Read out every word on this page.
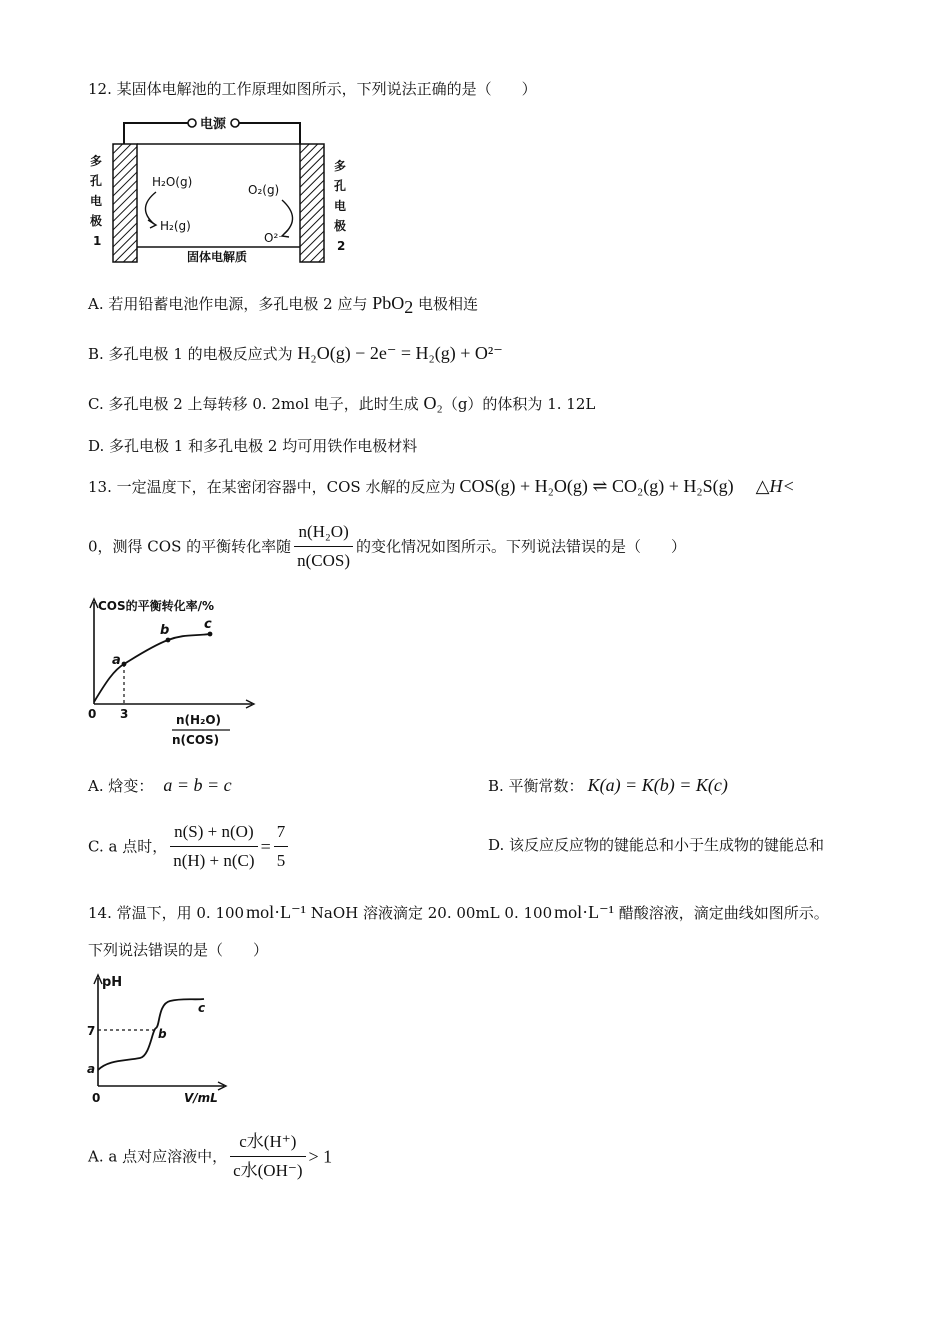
12. 某固体电解池的工作原理如图所示，下列说法正确的是（　　）
电源
固体电解质
多
孔
电
极
1
多
孔
电
极
2
H₂O(g)
H₂(g)
O₂(g)
O²⁻
A. 若用铅蓄电池作电源，多孔电极 2 应与 PbO$_2$ 电极相连
B. 多孔电极 1 的电极反应式为 H₂O(g) − 2e⁻ = H₂(g) + O²⁻
C. 多孔电极 2 上每转移 0. 2mol 电子，此时生成 O₂（g）的体积为 1. 12L
D. 多孔电极 1 和多孔电极 2 均可用铁作电极材料
13. 一定温度下，在某密闭容器中，COS 水解的反应为 COS(g) + H₂O(g) ⇌ CO₂(g) + H₂S(g) △H<
0，测得 COS 的平衡转化率随 $\frac{\text{n(H₂O)}}{\text{n(COS)}}$ 的变化情况如图所示。下列说法错误的是（　　）
COS的平衡转化率/%
a
b	c
0 3	n(H₂O)
n(COS)
A. 焓变： a = b = c	B. 平衡常数： K(a) = K(b) = K(c)
C. a 点时， $\frac{n(S) + n(O)}{n(H) + n(C)} = \frac{7}{5}$	D. 该反应反应物的键能总和小于生成物的键能总和
14. 常温下，用 0. 100 mol·L⁻¹ NaOH 溶液滴定 20. 00mL 0. 100 mol·L⁻¹ 醋酸溶液，滴定曲线如图所示。
下列说法错误的是（　　）
pH
7
a
b
c
0	V/mL
A. a 点对应溶液中， $\frac{\text{c水(H⁺)}}{\text{c水(OH⁻)}} > 1$
